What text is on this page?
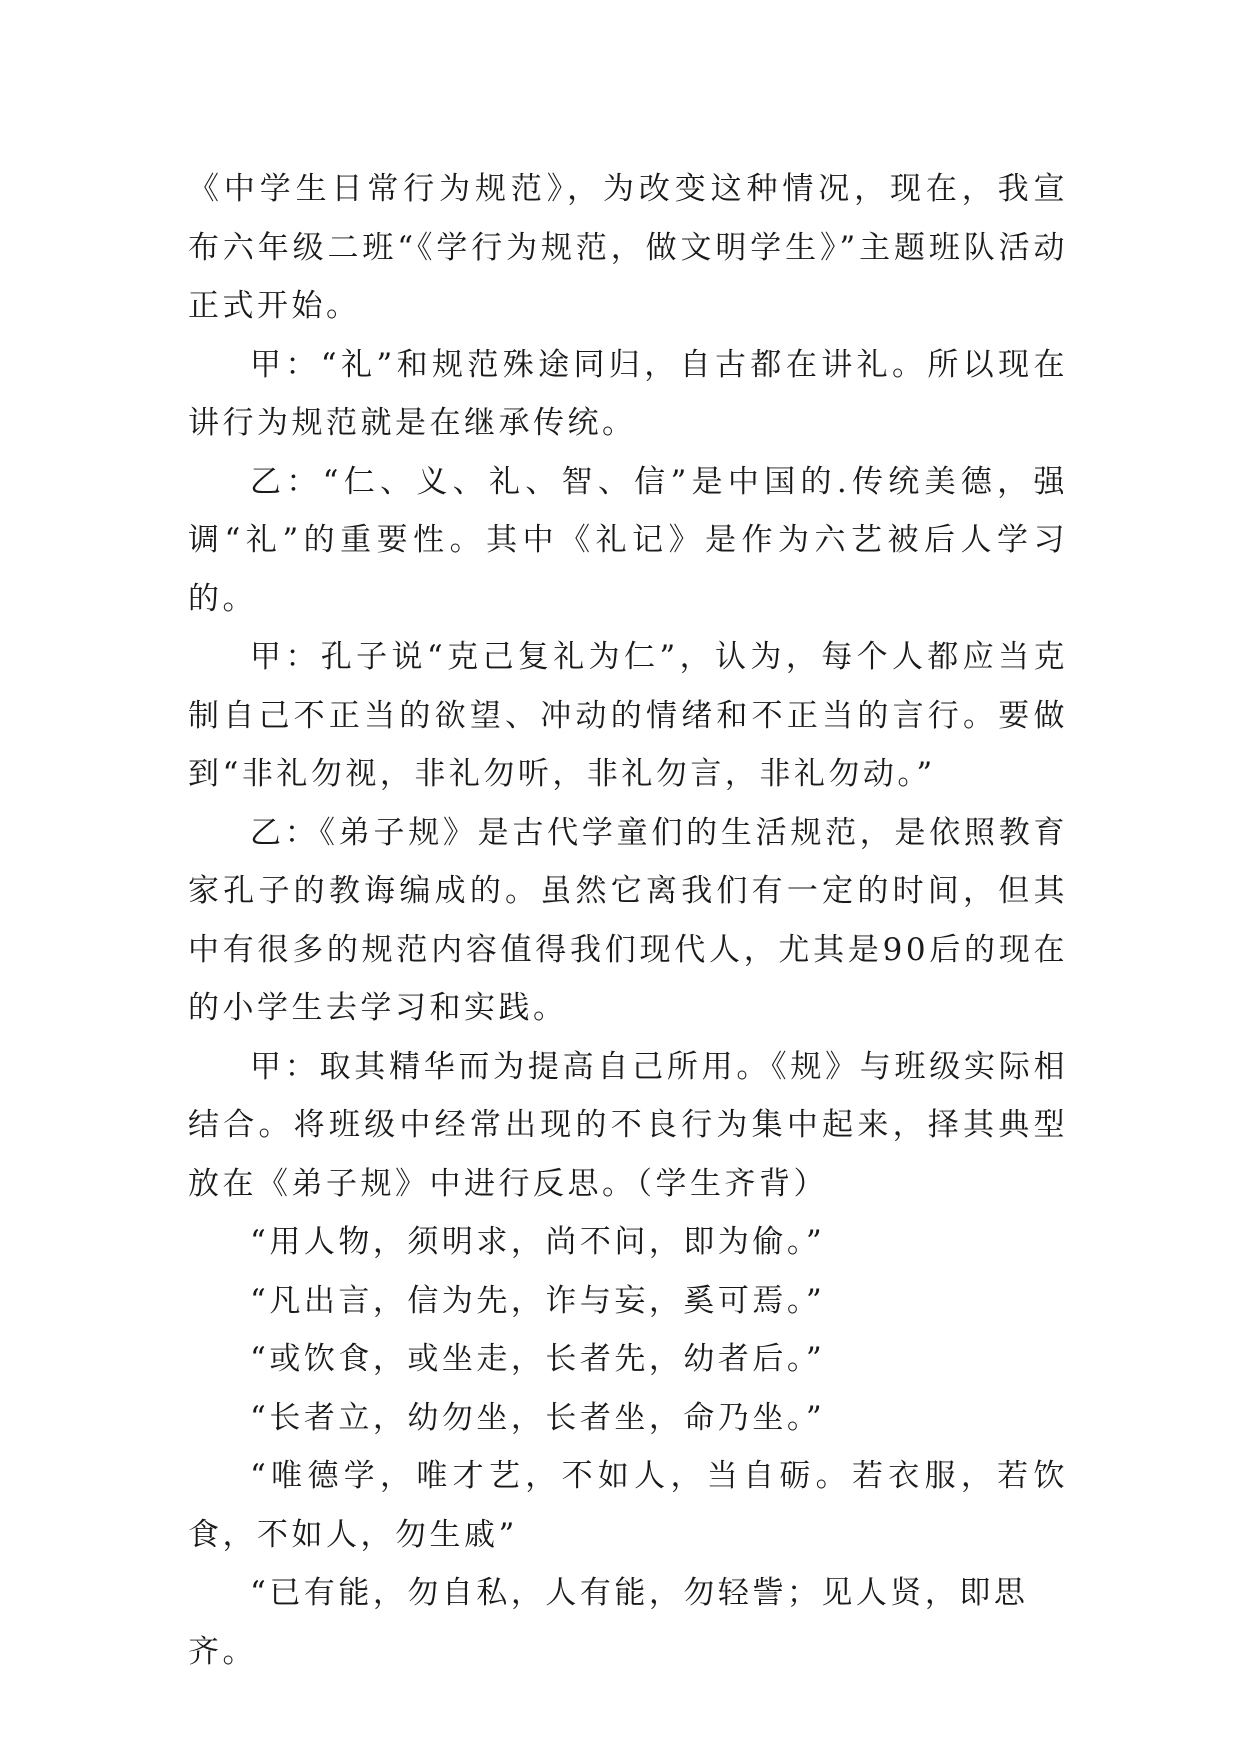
《中学生日常行为规范》，为改变这种情况，现在，我宣布六年级二班“《学行为规范，做文明学生》”主题班队活动正式开始。

甲：“礼”和规范殊途同归，自古都在讲礼。所以现在讲行为规范就是在继承传统。

乙：“仁、义、礼、智、信”是中国的.传统美德，强调“礼”的重要性。其中《礼记》是作为六艺被后人学习的。

甲：孔子说“克己复礼为仁”，认为，每个人都应当克制自己不正当的欲望、冲动的情绪和不正当的言行。要做到“非礼勿视，非礼勿听，非礼勿言，非礼勿动。”

乙：《弟子规》是古代学童们的生活规范，是依照教育家孔子的教诲编成的。虽然它离我们有一定的时间，但其中有很多的规范内容值得我们现代人，尤其是90后的现在的小学生去学习和实践。

甲：取其精华而为提高自己所用。《规》与班级实际相结合。将班级中经常出现的不良行为集中起来，择其典型放在《弟子规》中进行反思。（学生齐背）

“用人物，须明求，尚不问，即为偷。”

“凡出言，信为先，诈与妄，奚可焉。”

“或饮食，或坐走，长者先，幼者后。”

“长者立，幼勿坐，长者坐，命乃坐。”

“唯德学，唯才艺，不如人，当自砺。若衣服，若饮食，不如人，勿生戚”

“已有能，勿自私，人有能，勿轻訾；见人贤，即思齐。
